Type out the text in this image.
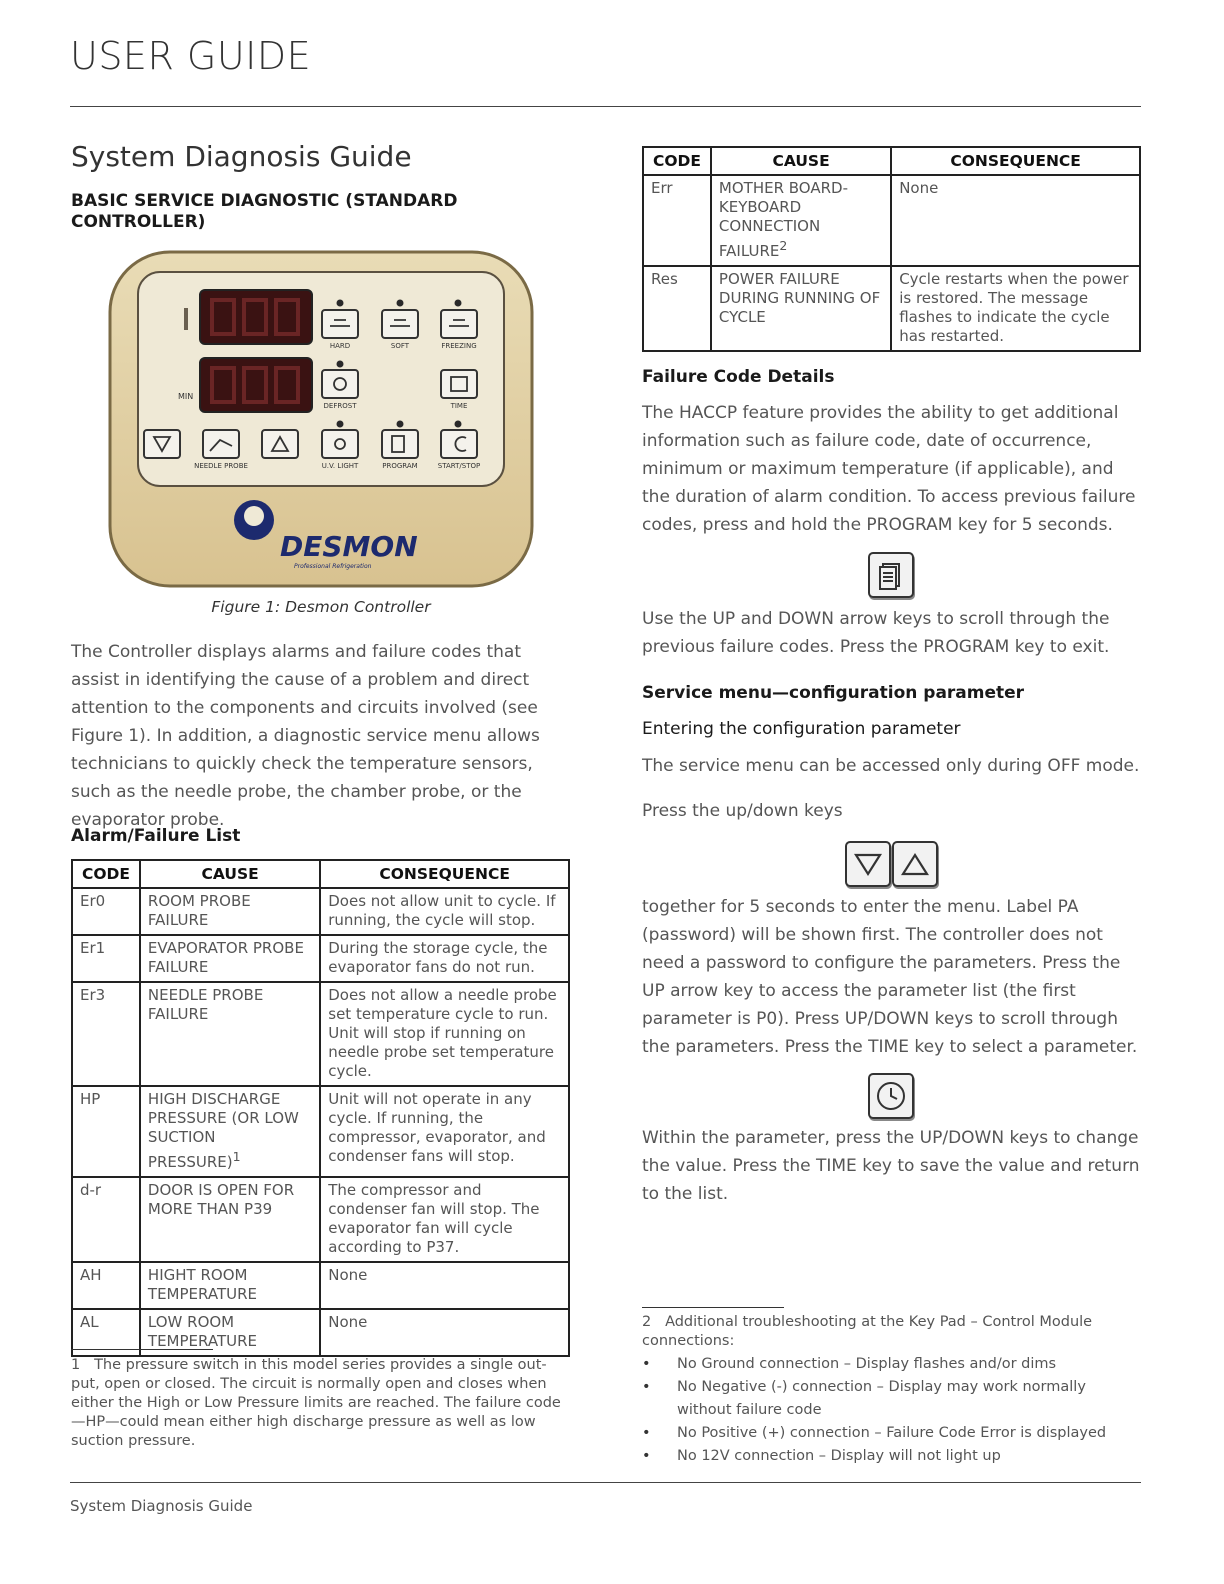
USER GUIDE
System Diagnosis Guide
BASIC SERVICE DIAGNOSTIC (STANDARD CONTROLLER)
DESMON
Professional Refrigeration
HARD	SOFT	FREEZING
DEFROST	TIME
MIN
NEEDLE PROBE	U.V. LIGHT	PROGRAM	START/STOP
Figure 1: Desmon Controller
The Controller displays alarms and failure codes that assist in identifying the cause of a problem and direct attention to the components and circuits involved (see Figure 1). In addition, a diagnostic service menu allows technicians to quickly check the temperature sensors, such as the needle probe, the chamber probe, or the evaporator probe.
Alarm/Failure List
CODE	CAUSE	CONSEQUENCE
Er0	ROOM PROBE FAILURE	Does not allow unit to cycle. If running, the cycle will stop.
Er1	EVAPORATOR PROBE FAILURE	During the storage cycle, the evaporator fans do not run.
Er3	NEEDLE PROBE FAILURE	Does not allow a needle probe set temperature cycle to run. Unit will stop if running on needle probe set temperature cycle.
HP	HIGH DISCHARGE PRESSURE (OR LOW SUCTION PRESSURE)$^1$	Unit will not operate in any cycle. If running, the compressor, evaporator, and condenser fans will stop.
d-r	DOOR IS OPEN FOR MORE THAN P39	The compressor and condenser fan will stop. The evaporator fan will cycle according to P37.
AH	HIGHT ROOM TEMPERATURE	None
AL	LOW ROOM TEMPERATURE	None
1 The pressure switch in this model series provides a single out-put, open or closed. The circuit is normally open and closes when either the High or Low Pressure limits are reached. The failure code—HP—could mean either high discharge pressure as well as low suction pressure.
CODE	CAUSE	CONSEQUENCE
Err	MOTHER BOARD-KEYBOARD CONNECTION FAILURE$^2$	None
Res	POWER FAILURE DURING RUNNING OF CYCLE	Cycle restarts when the power is restored. The message flashes to indicate the cycle has restarted.
Failure Code Details
The HACCP feature provides the ability to get additional information such as failure code, date of occurrence, minimum or maximum temperature (if applicable), and the duration of alarm condition. To access previous failure codes, press and hold the PROGRAM key for 5 seconds.
Use the UP and DOWN arrow keys to scroll through the previous failure codes. Press the PROGRAM key to exit.
Service menu—configuration parameter
Entering the configuration parameter
The service menu can be accessed only during OFF mode.
Press the up/down keys
together for 5 seconds to enter the menu. Label PA (password) will be shown first. The controller does not need a password to configure the parameters. Press the UP arrow key to access the parameter list (the first parameter is P0). Press UP/DOWN keys to scroll through the parameters. Press the TIME key to select a parameter.
Within the parameter, press the UP/DOWN keys to change the value. Press the TIME key to save the value and return to the list.
2 Additional troubleshooting at the Key Pad – Control Module connections:
• No Ground connection – Display flashes and/or dims
• No Negative (-) connection – Display may work normally without failure code
• No Positive (+) connection – Failure Code Error is displayed
• No 12V connection – Display will not light up
System Diagnosis Guide
